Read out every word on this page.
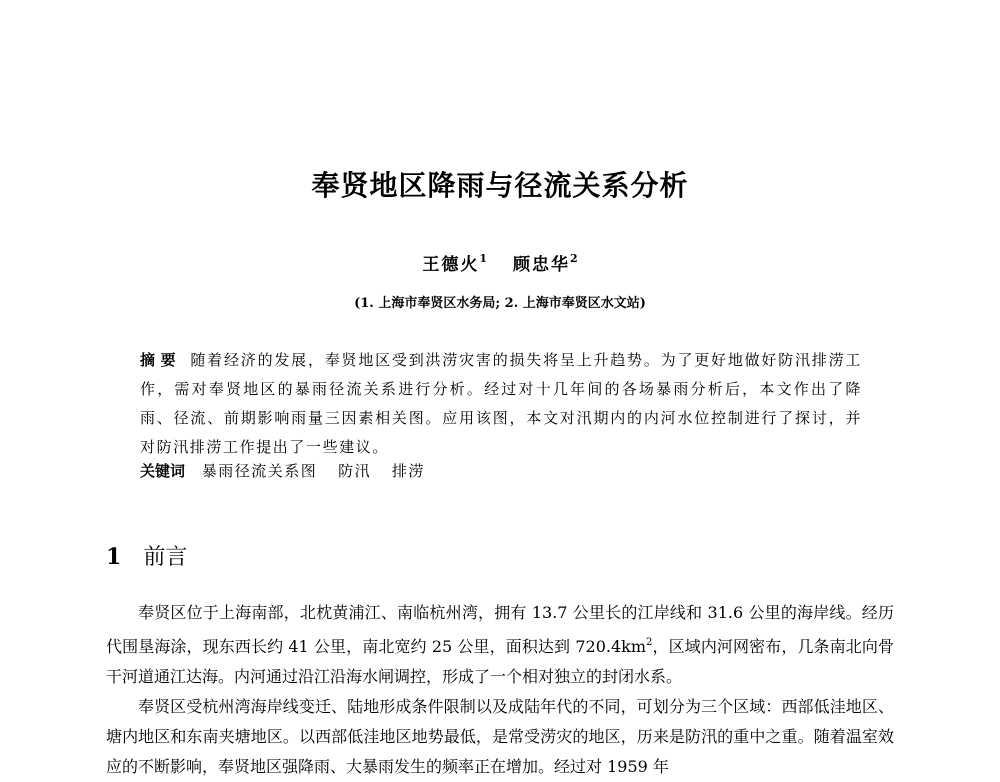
奉贤地区降雨与径流关系分析
王德火$^1$ 顾忠华$^2$
(1. 上海市奉贤区水务局; 2. 上海市奉贤区水文站)
摘 要 随着经济的发展，奉贤地区受到洪涝灾害的损失将呈上升趋势。为了更好地做好防汛排涝工作，需对奉贤地区的暴雨径流关系进行分析。经过对十几年间的各场暴雨分析后，本文作出了降雨、径流、前期影响雨量三因素相关图。应用该图，本文对汛期内的内河水位控制进行了探讨，并对防汛排涝工作提出了一些建议。
关键词 暴雨径流关系图 防汛 排涝
1 前言

奉贤区位于上海南部，北枕黄浦江、南临杭州湾，拥有 13.7 公里长的江岸线和 31.6 公里的海岸线。经历代围垦海涂，现东西长约 41 公里，南北宽约 25 公里，面积达到 $720.4km^2$，区域内河网密布，几条南北向骨干河道通江达海。内河通过沿江沿海水闸调控，形成了一个相对独立的封闭水系。

奉贤区受杭州湾海岸线变迁、陆地形成条件限制以及成陆年代的不同，可划分为三个区域：西部低洼地区、塘内地区和东南夹塘地区。以西部低洼地区地势最低，是常受涝灾的地区，历来是防汛的重中之重。随着温室效应的不断影响，奉贤地区强降雨、大暴雨发生的频率正在增加。经过对 1959 年
